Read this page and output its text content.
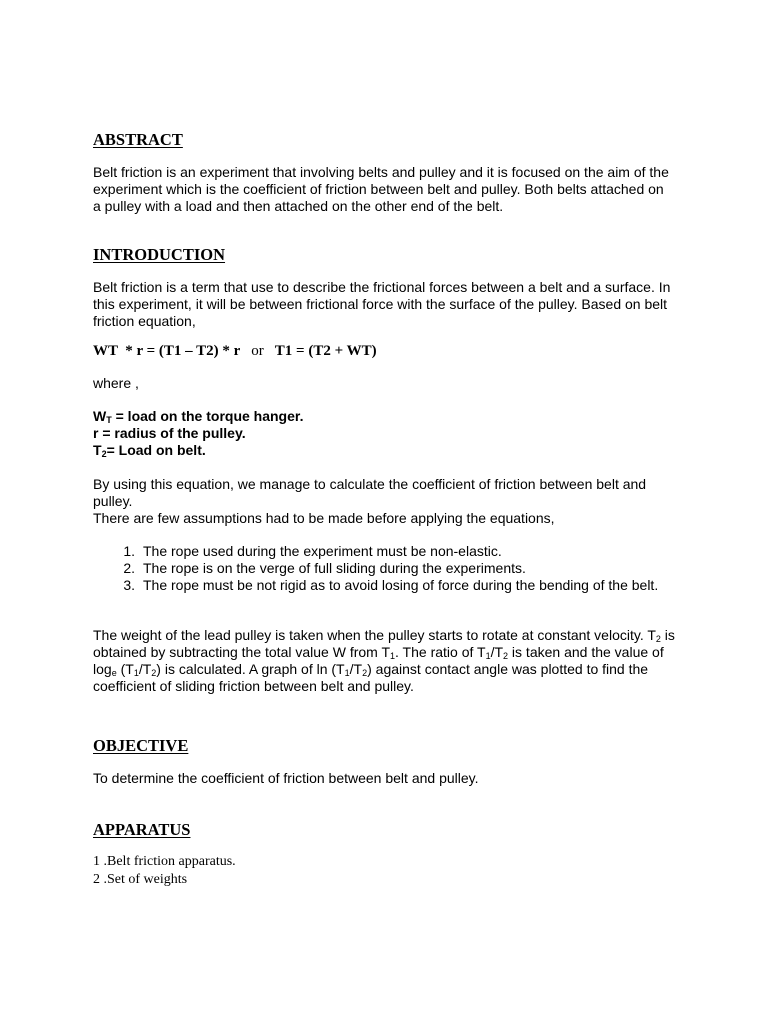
ABSTRACT

Belt friction is an experiment that involving belts and pulley and it is focused on the aim of the experiment which is the coefficient of friction between belt and pulley. Both belts attached on a pulley with a load and then attached on the other end of the belt.

INTRODUCTION

Belt friction is a term that use to describe the frictional forces between a belt and a surface. In this experiment, it will be between frictional force with the surface of the pulley. Based on belt friction equation,

WT  * r = (T1 – T2) * r or T1 = (T2 + WT)
where ,
$W_T$ = load on the torque hanger.
r = radius of the pulley.
$T_2=$ Load on belt.

By using this equation, we manage to calculate the coefficient of friction between belt and pulley.

There are few assumptions had to be made before applying the equations,

1. The rope used during the experiment must be non-elastic.
2. The rope is on the verge of full sliding during the experiments.
3. The rope must be not rigid as to avoid losing of force during the bending of the belt.

The weight of the lead pulley is taken when the pulley starts to rotate at constant velocity. $T_2$ is obtained by subtracting the total value W from $T_1$. The ratio of $T_1/T_2$ is taken and the value of $\log_e (T_1/T_2)$ is calculated. A graph of $\ln (T_1/T_2)$ against contact angle was plotted to find the coefficient of sliding friction between belt and pulley.

OBJECTIVE

To determine the coefficient of friction between belt and pulley.

APPARATUS
1 .Belt friction apparatus.
2 .Set of weights
